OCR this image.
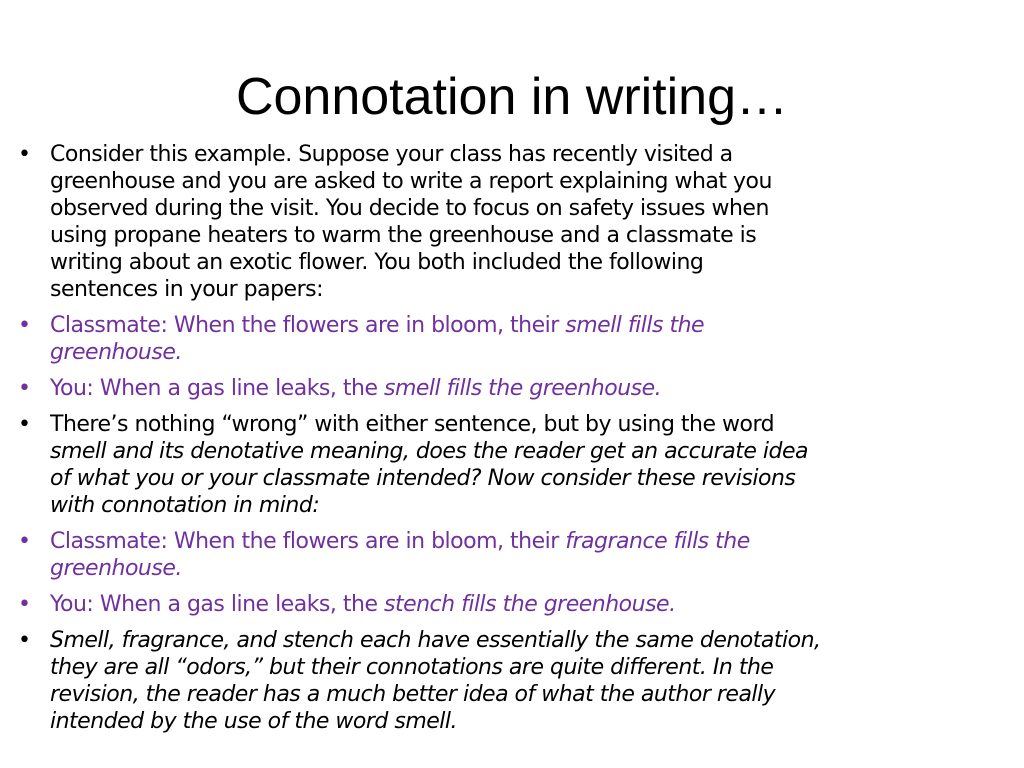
Connotation in writing…
• Consider this example. Suppose your class has recently visited a
greenhouse and you are asked to write a report explaining what you
observed during the visit. You decide to focus on safety issues when
using propane heaters to warm the greenhouse and a classmate is
writing about an exotic flower. You both included the following
sentences in your papers:
• Classmate: When the flowers are in bloom, their smell fills the
greenhouse.
• You: When a gas line leaks, the smell fills the greenhouse.
• There’s nothing “wrong” with either sentence, but by using the word
smell and its denotative meaning, does the reader get an accurate idea
of what you or your classmate intended? Now consider these revisions
with connotation in mind:
• Classmate: When the flowers are in bloom, their fragrance fills the
greenhouse.
• You: When a gas line leaks, the stench fills the greenhouse.
• Smell, fragrance, and stench each have essentially the same denotation,
they are all “odors,” but their connotations are quite different. In the
revision, the reader has a much better idea of what the author really
intended by the use of the word smell.
